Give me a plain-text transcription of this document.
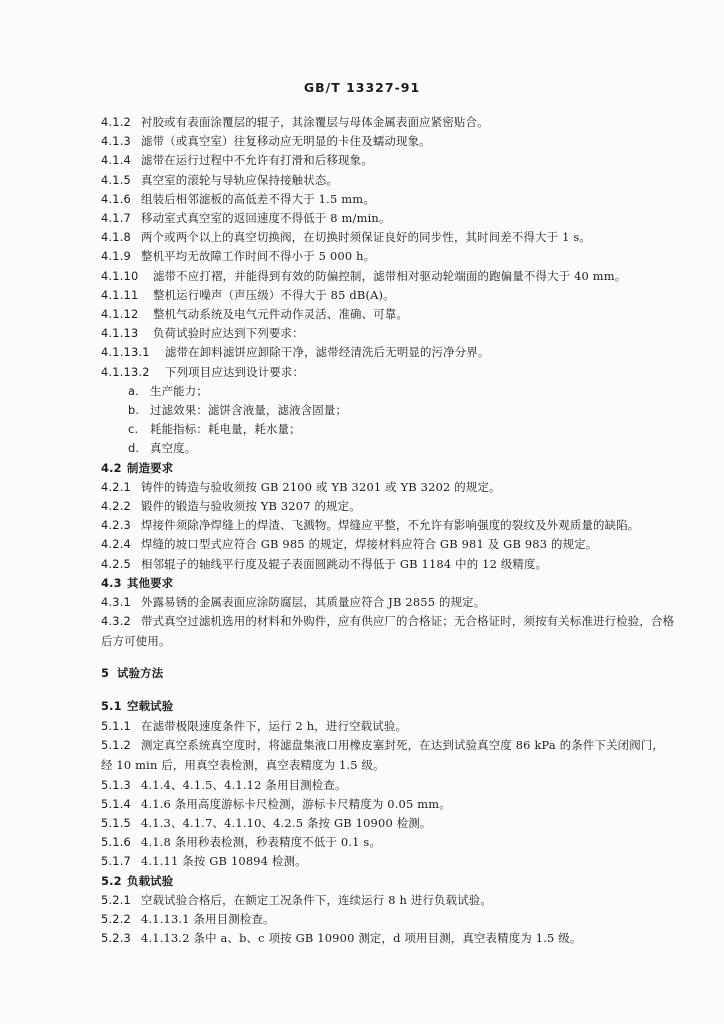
GB/T 13327-91
4.1.2 衬胶或有表面涂覆层的辊子，其涂覆层与母体金属表面应紧密贴合。
4.1.3 滤带（或真空室）往复移动应无明显的卡住及蠕动现象。
4.1.4 滤带在运行过程中不允许有打滑和后移现象。
4.1.5 真空室的滚轮与导轨应保持接触状态。
4.1.6 组装后相邻滤板的高低差不得大于 1.5 mm。
4.1.7 移动室式真空室的返回速度不得低于 8 m/min。
4.1.8 两个或两个以上的真空切换阀，在切换时须保证良好的同步性，其时间差不得大于 1 s。
4.1.9 整机平均无故障工作时间不得小于 5 000 h。
4.1.10 滤带不应打褶，并能得到有效的防偏控制，滤带相对驱动轮端面的跑偏量不得大于 40 mm。
4.1.11 整机运行噪声（声压级）不得大于 85 dB(A)。
4.1.12 整机气动系统及电气元件动作灵活、准确、可靠。
4.1.13 负荷试验时应达到下列要求：
4.1.13.1 滤带在卸料滤饼应卸除干净，滤带经清洗后无明显的污净分界。
4.1.13.2 下列项目应达到设计要求：
a. 生产能力；
b. 过滤效果：滤饼含液量，滤液含固量；
c. 耗能指标：耗电量，耗水量；
d. 真空度。
4.2 制造要求
4.2.1 铸件的铸造与验收须按 GB 2100 或 YB 3201 或 YB 3202 的规定。
4.2.2 锻件的锻造与验收须按 YB 3207 的规定。
4.2.3 焊接件须除净焊缝上的焊渣、飞溅物。焊缝应平整，不允许有影响强度的裂纹及外观质量的缺陷。
4.2.4 焊缝的坡口型式应符合 GB 985 的规定，焊接材料应符合 GB 981 及 GB 983 的规定。
4.2.5 相邻辊子的轴线平行度及辊子表面圆跳动不得低于 GB 1184 中的 12 级精度。
4.3 其他要求
4.3.1 外露易锈的金属表面应涂防腐层，其质量应符合 JB 2855 的规定。
4.3.2 带式真空过滤机选用的材料和外购件，应有供应厂的合格证；无合格证时，须按有关标准进行检验，合格后方可使用。
5 试验方法
5.1 空载试验
5.1.1 在滤带极限速度条件下，运行 2 h，进行空载试验。
5.1.2 测定真空系统真空度时，将滤盘集液口用橡皮塞封死，在达到试验真空度 86 kPa 的条件下关闭阀门，经 10 min 后，用真空表检测，真空表精度为 1.5 级。
5.1.3 4.1.4、4.1.5、4.1.12 条用目测检查。
5.1.4 4.1.6 条用高度游标卡尺检测，游标卡尺精度为 0.05 mm。
5.1.5 4.1.3、4.1.7、4.1.10、4.2.5 条按 GB 10900 检测。
5.1.6 4.1.8 条用秒表检测，秒表精度不低于 0.1 s。
5.1.7 4.1.11 条按 GB 10894 检测。
5.2 负载试验
5.2.1 空载试验合格后，在额定工况条件下，连续运行 8 h 进行负载试验。
5.2.2 4.1.13.1 条用目测检查。
5.2.3 4.1.13.2 条中 a、b、c 项按 GB 10900 测定，d 项用目测，真空表精度为 1.5 级。
